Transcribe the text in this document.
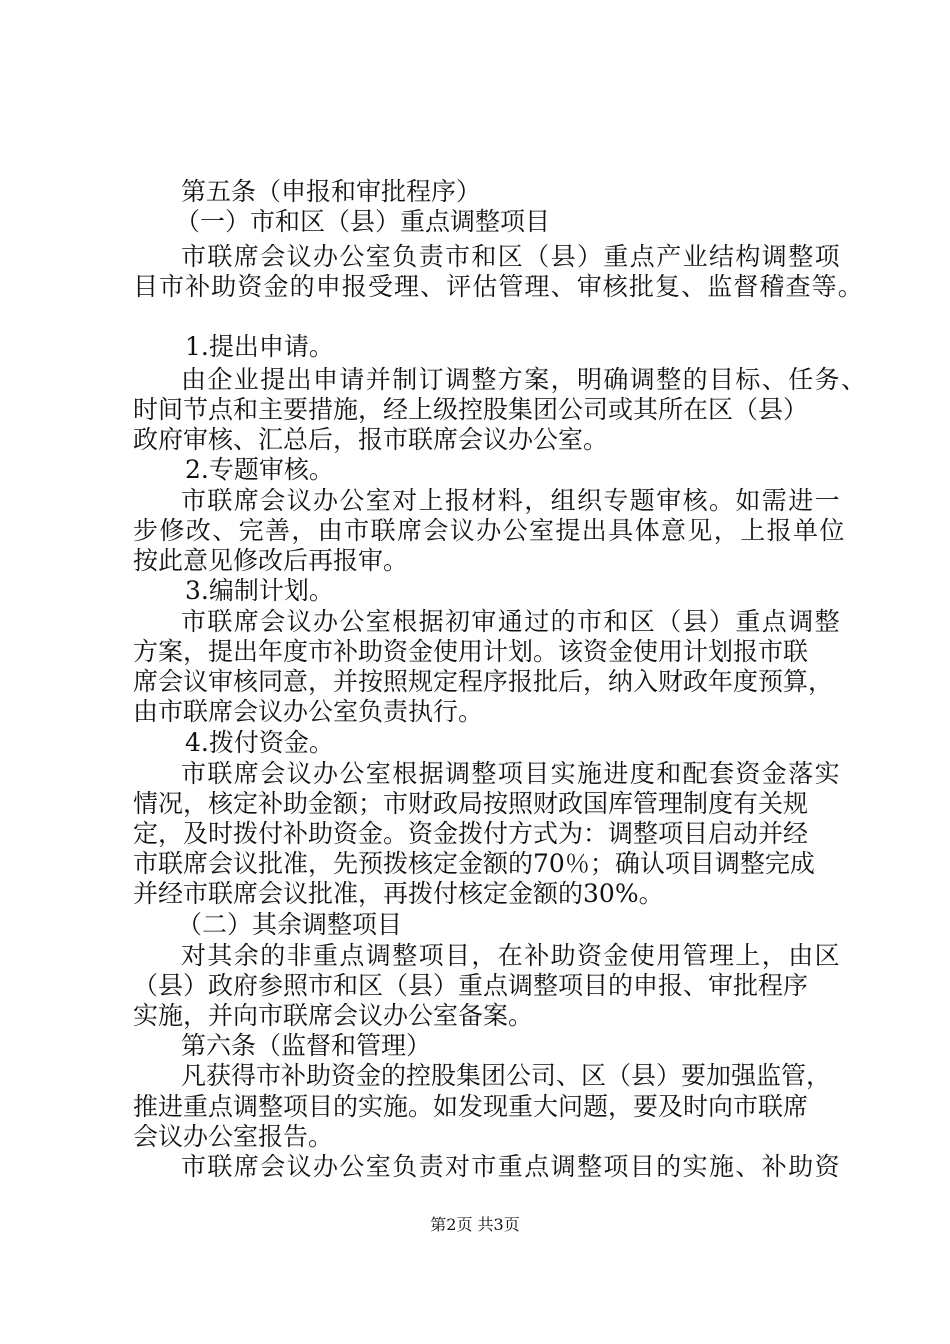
第五条（申报和审批程序）
（一）市和区（县）重点调整项目
市联席会议办公室负责市和区（县）重点产业结构调整项
目市补助资金的申报受理、评估管理、审核批复、监督稽查等。
1.提出申请。
由企业提出申请并制订调整方案，明确调整的目标、任务、
时间节点和主要措施，经上级控股集团公司或其所在区（县）
政府审核、汇总后，报市联席会议办公室。
2.专题审核。
市联席会议办公室对上报材料，组织专题审核。如需进一
步修改、完善，由市联席会议办公室提出具体意见，上报单位
按此意见修改后再报审。
3.编制计划。
市联席会议办公室根据初审通过的市和区（县）重点调整
方案，提出年度市补助资金使用计划。该资金使用计划报市联
席会议审核同意，并按照规定程序报批后，纳入财政年度预算，
由市联席会议办公室负责执行。
4.拨付资金。
市联席会议办公室根据调整项目实施进度和配套资金落实
情况，核定补助金额；市财政局按照财政国库管理制度有关规
定，及时拨付补助资金。资金拨付方式为：调整项目启动并经
市联席会议批准，先预拨核定金额的70％；确认项目调整完成
并经市联席会议批准，再拨付核定金额的30%。
（二）其余调整项目
对其余的非重点调整项目，在补助资金使用管理上，由区
（县）政府参照市和区（县）重点调整项目的申报、审批程序
实施，并向市联席会议办公室备案。
第六条（监督和管理）
凡获得市补助资金的控股集团公司、区（县）要加强监管，
推进重点调整项目的实施。如发现重大问题，要及时向市联席
会议办公室报告。
市联席会议办公室负责对市重点调整项目的实施、补助资
第2页 共3页
